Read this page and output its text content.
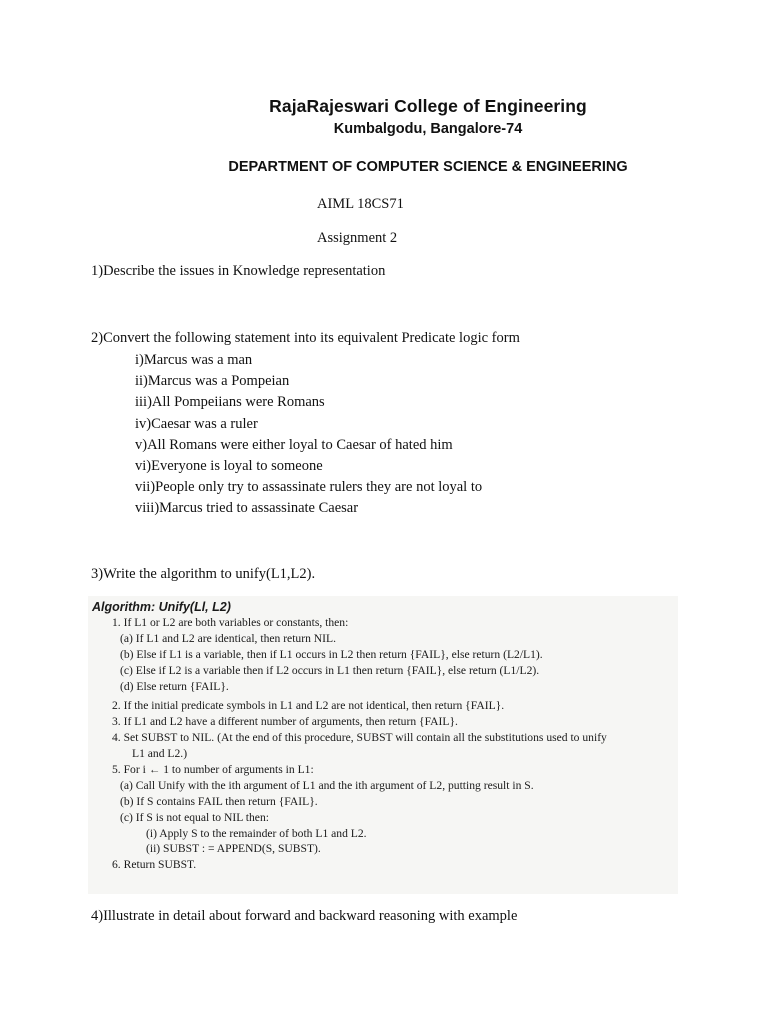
RajaRajeswari College of Engineering
Kumbalgodu, Bangalore-74
DEPARTMENT OF COMPUTER SCIENCE & ENGINEERING
AIML 18CS71
Assignment 2
1)Describe the issues in Knowledge representation
2)Convert the following statement into its equivalent Predicate logic form
i)Marcus was a man
ii)Marcus was a Pompeian
iii)All Pompeiians were Romans
iv)Caesar was a ruler
v)All Romans were either loyal to Caesar of hated him
vi)Everyone is loyal to someone
vii)People only try to assassinate rulers they are not loyal to
viii)Marcus tried to assassinate Caesar
3)Write the algorithm to unify(L1,L2).
Algorithm: Unify(Ll, L2)
1. If L1 or L2 are both variables or constants, then:
(a) If L1 and L2 are identical, then return NIL.
(b) Else if L1 is a variable, then if L1 occurs in L2 then return {FAIL}, else return (L2/L1).
(c) Else if L2 is a variable then if L2 occurs in L1 then return {FAIL}, else return (L1/L2).
(d) Else return {FAIL}.
2. If the initial predicate symbols in L1 and L2 are not identical, then return {FAIL}.
3. If L1 and L2 have a different number of arguments, then return {FAIL}.
4. Set SUBST to NIL. (At the end of this procedure, SUBST will contain all the substitutions used to unify
L1 and L2.)
5. For i ← 1 to number of arguments in L1:
(a) Call Unify with the ith argument of L1 and the ith argument of L2, putting result in S.
(b) If S contains FAIL then return {FAIL}.
(c) If S is not equal to NIL then:
(i) Apply S to the remainder of both L1 and L2.
(ii) SUBST : = APPEND(S, SUBST).
6. Return SUBST.
4)Illustrate in detail about forward and backward reasoning with example
